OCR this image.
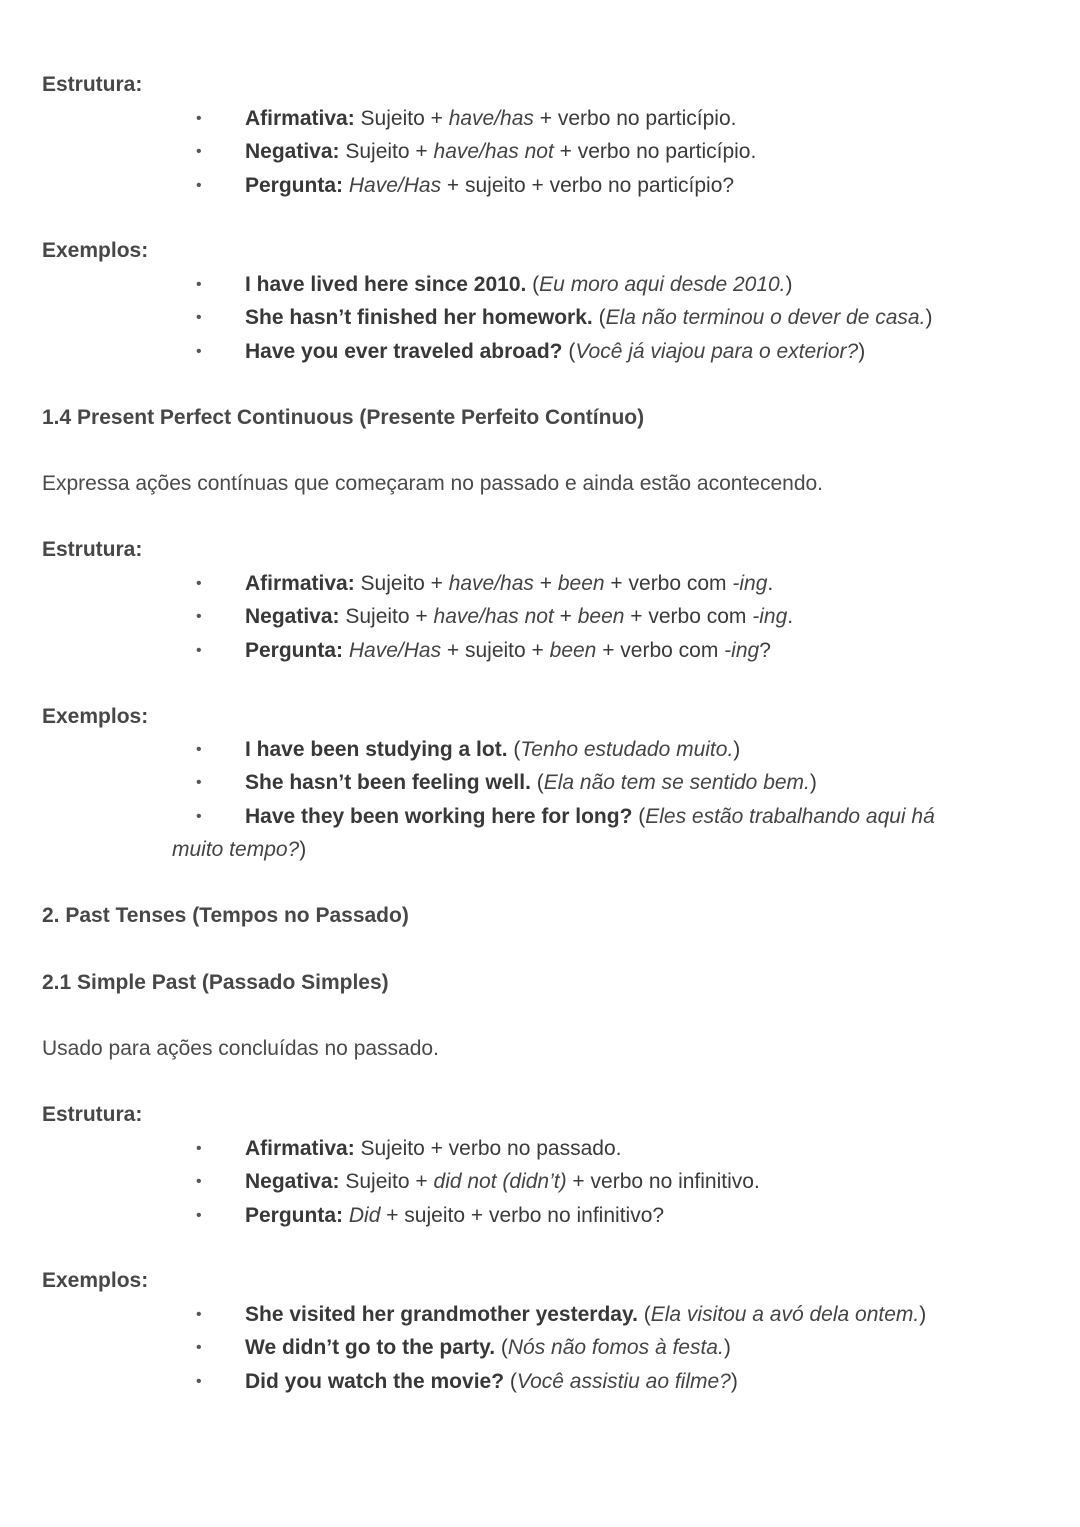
Estrutura:
• Afirmativa: Sujeito + have/has + verbo no particípio.
• Negativa: Sujeito + have/has not + verbo no particípio.
• Pergunta: Have/Has + sujeito + verbo no particípio?
Exemplos:
• I have lived here since 2010. (Eu moro aqui desde 2010.)
• She hasn’t finished her homework. (Ela não terminou o dever de casa.)
• Have you ever traveled abroad? (Você já viajou para o exterior?)
1.4 Present Perfect Continuous (Presente Perfeito Contínuo)
Expressa ações contínuas que começaram no passado e ainda estão acontecendo.
Estrutura:
• Afirmativa: Sujeito + have/has + been + verbo com -ing.
• Negativa: Sujeito + have/has not + been + verbo com -ing.
• Pergunta: Have/Has + sujeito + been + verbo com -ing?
Exemplos:
• I have been studying a lot. (Tenho estudado muito.)
• She hasn’t been feeling well. (Ela não tem se sentido bem.)
• Have they been working here for long? (Eles estão trabalhando aqui há
muito tempo?)
2. Past Tenses (Tempos no Passado)
2.1 Simple Past (Passado Simples)
Usado para ações concluídas no passado.
Estrutura:
• Afirmativa: Sujeito + verbo no passado.
• Negativa: Sujeito + did not (didn’t) + verbo no infinitivo.
• Pergunta: Did + sujeito + verbo no infinitivo?
Exemplos:
• She visited her grandmother yesterday. (Ela visitou a avó dela ontem.)
• We didn’t go to the party. (Nós não fomos à festa.)
• Did you watch the movie? (Você assistiu ao filme?)
